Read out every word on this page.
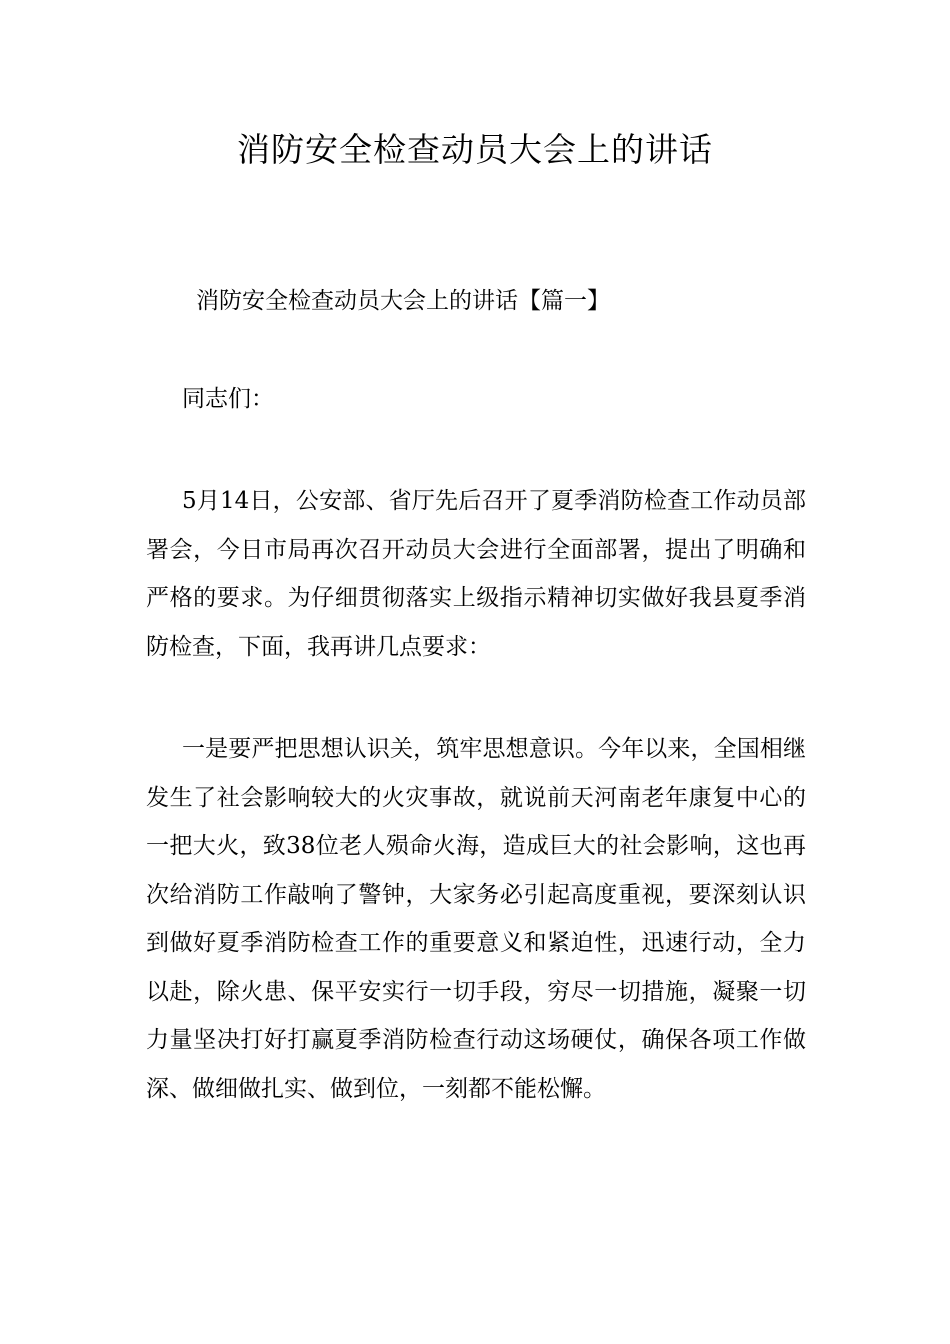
消防安全检查动员大会上的讲话

消防安全检查动员大会上的讲话【篇一】

同志们：

5月14日，公安部、省厅先后召开了夏季消防检查工作动员部署会，今日市局再次召开动员大会进行全面部署，提出了明确和严格的要求。为仔细贯彻落实上级指示精神切实做好我县夏季消防检查，下面，我再讲几点要求：

一是要严把思想认识关，筑牢思想意识。今年以来，全国相继发生了社会影响较大的火灾事故，就说前天河南老年康复中心的一把大火，致38位老人殒命火海，造成巨大的社会影响，这也再次给消防工作敲响了警钟，大家务必引起高度重视，要深刻认识到做好夏季消防检查工作的重要意义和紧迫性，迅速行动，全力以赴，除火患、保平安实行一切手段，穷尽一切措施，凝聚一切力量坚决打好打赢夏季消防检查行动这场硬仗，确保各项工作做深、做细做扎实、做到位，一刻都不能松懈。
